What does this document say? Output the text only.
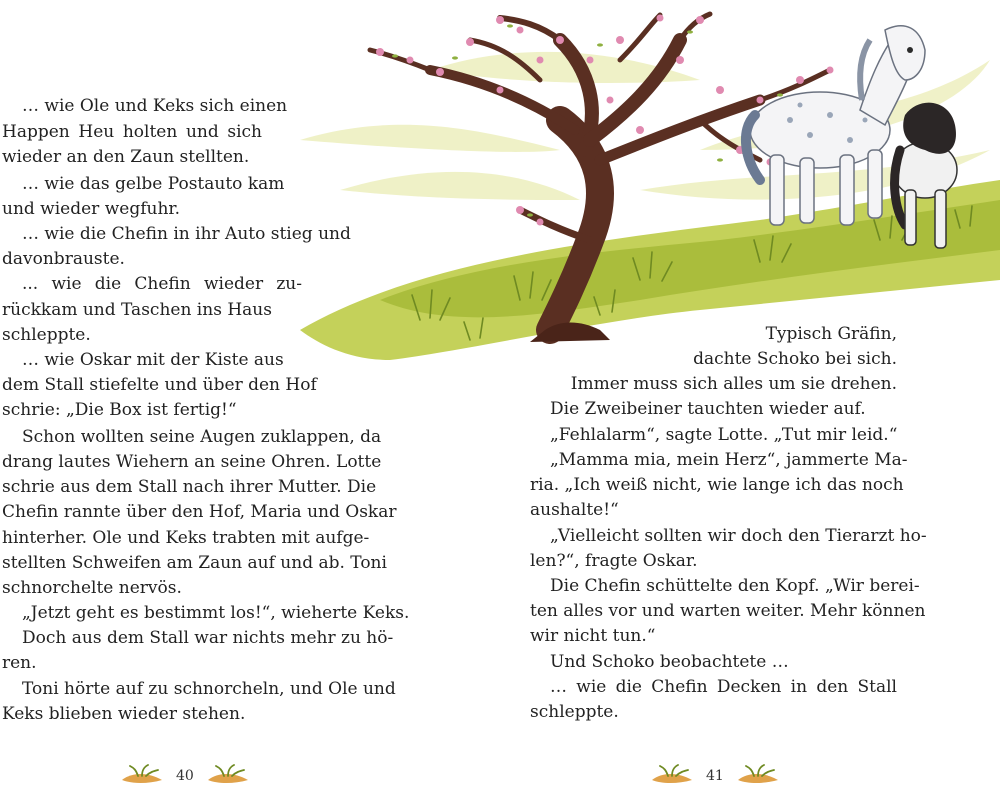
… wie Ole und Keks sich einen
Happen Heu holten und sich
wieder an den Zaun stellten.
… wie das gelbe Postauto kam
und wieder wegfuhr.
… wie die Chefin in ihr Auto stieg und
davonbrauste.
... wie die Chefin wieder zu-
rückkam und Taschen ins Haus
schleppte.
… wie Oskar mit der Kiste aus
dem Stall stiefelte und über den Hof
schrie: „Die Box ist fertig!“
Schon wollten seine Augen zuklappen, da
drang lautes Wiehern an seine Ohren. Lotte
schrie aus dem Stall nach ihrer Mutter. Die
Chefin rannte über den Hof, Maria und Oskar
hinterher. Ole und Keks trabten mit aufge-
stellten Schweifen am Zaun auf und ab. Toni
schnorchelte nervös.
„Jetzt geht es bestimmt los!“, wieherte Keks.
Doch aus dem Stall war nichts mehr zu hö-
ren.
Toni hörte auf zu schnorcheln, und Ole und
Keks blieben wieder stehen.
40
Typisch Gräfin,
dachte Schoko bei sich.
Immer muss sich alles um sie drehen.
Die Zweibeiner tauchten wieder auf.
„Fehlalarm“, sagte Lotte. „Tut mir leid.“
„Mamma mia, mein Herz“, jammerte Ma-
ria. „Ich weiß nicht, wie lange ich das noch
aushalte!“
„Vielleicht sollten wir doch den Tierarzt ho-
len?“, fragte Oskar.
Die Chefin schüttelte den Kopf. „Wir berei-
ten alles vor und warten weiter. Mehr können
wir nicht tun.“
Und Schoko beobachtete …
… wie die Chefin Decken in den Stall
schleppte.
41
